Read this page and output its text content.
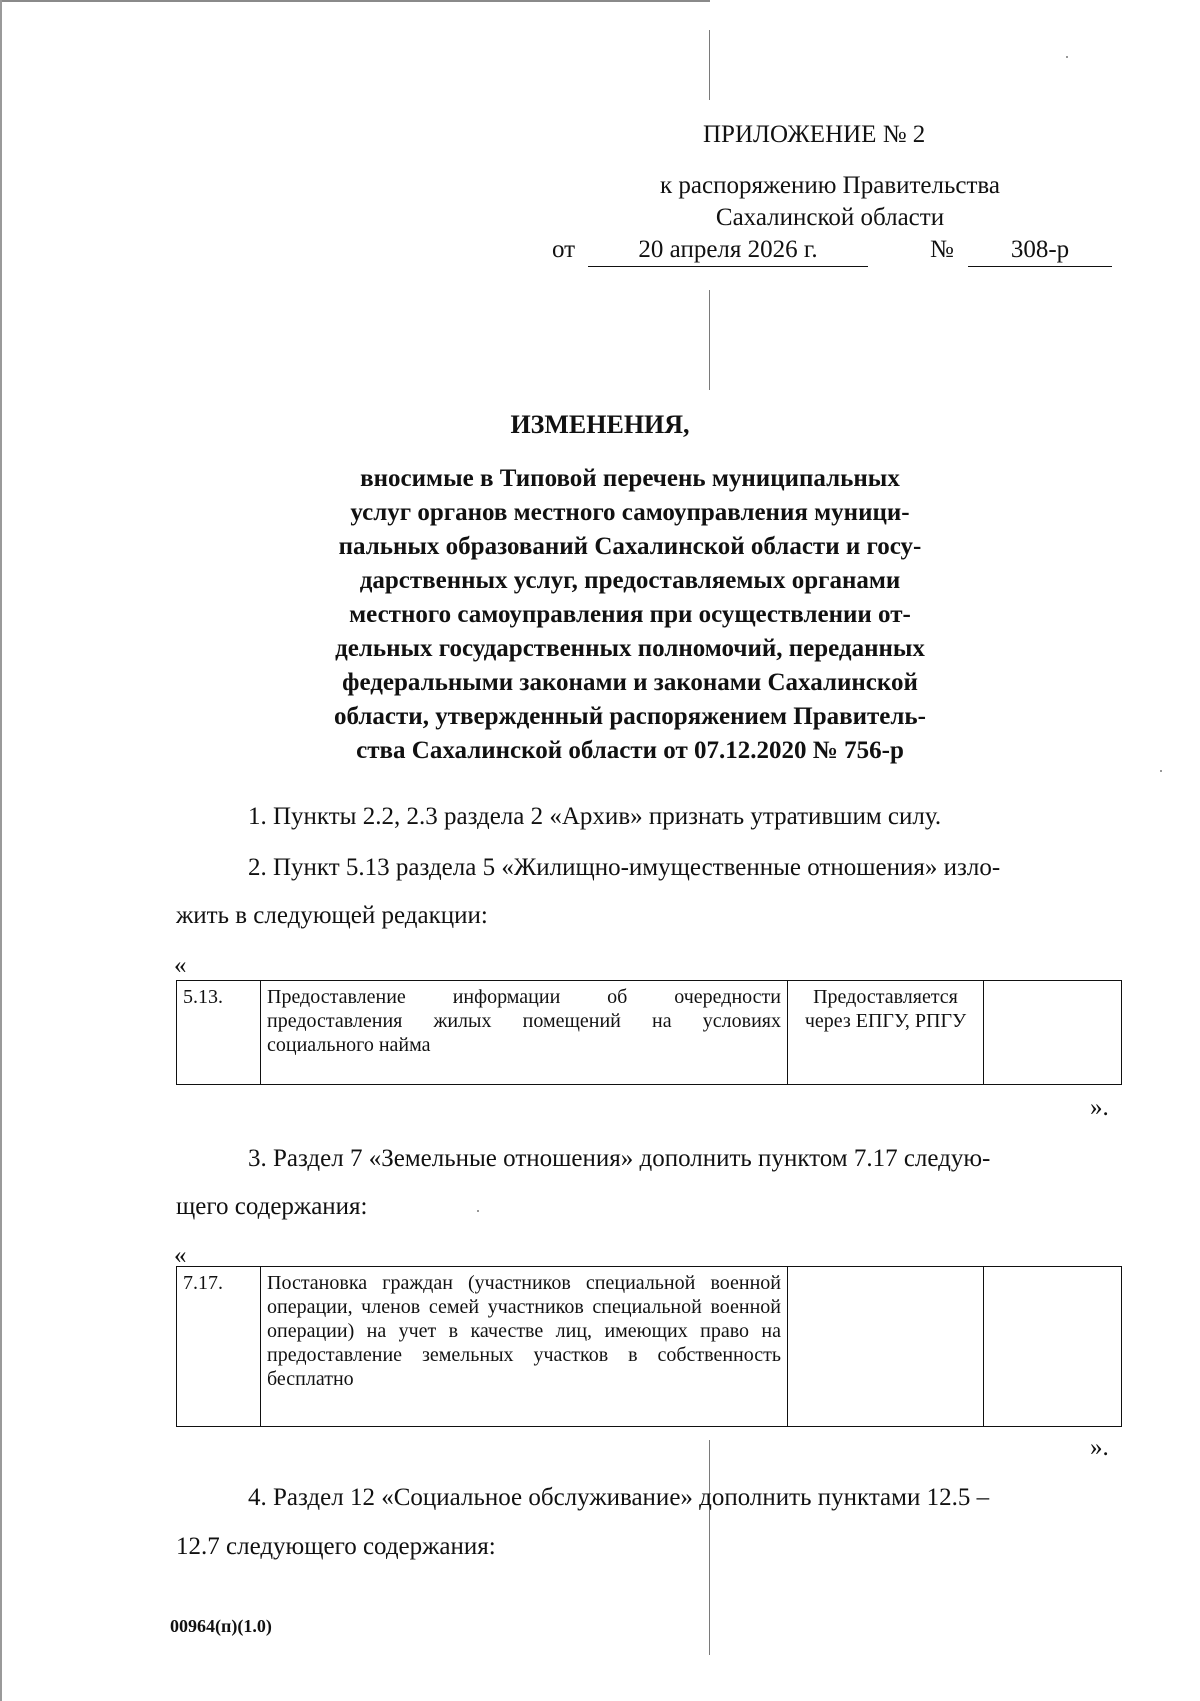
ПРИЛОЖЕНИЕ № 2
к распоряжению Правительства
Сахалинской области
от	20 апреля 2026 г.	№	308-р
ИЗМЕНЕНИЯ,
вносимые в Типовой перечень муниципальных
услуг органов местного самоуправления муници-
пальных образований Сахалинской области и госу-
дарственных услуг, предоставляемых органами
местного самоуправления при осуществлении от-
дельных государственных полномочий, переданных
федеральными законами и законами Сахалинской
области, утвержденный распоряжением Правитель-
ства Сахалинской области от 07.12.2020 № 756-р
1. Пункты 2.2, 2.3 раздела 2 «Архив» признать утратившим силу.
2. Пункт 5.13 раздела 5 «Жилищно-имущественные отношения» изло-
жить в следующей редакции:
«
5.13.	Предоставление информации об очередности предоставления жилых помещений на условиях социального найма	Предоставляется через ЕПГУ, РПГУ	
».
3. Раздел 7 «Земельные отношения» дополнить пунктом 7.17 следую-
щего содержания:
«
7.17.	Постановка граждан (участников специальной военной операции, членов семей участников специальной военной операции) на учет в качестве лиц, имеющих право на предоставление земельных участков в собственность бесплатно		
».
4. Раздел 12 «Социальное обслуживание» дополнить пунктами 12.5 –
12.7 следующего содержания:
00964(п)(1.0)
